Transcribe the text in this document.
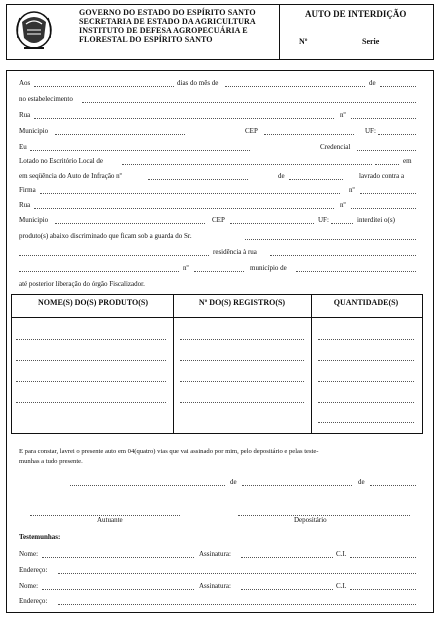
GOVERNO DO ESTADO DO ESPÍRITO SANTO
SECRETARIA DE ESTADO DA AGRICULTURA
INSTITUTO DE DEFESA AGROPECUÁRIA E
FLORESTAL DO ESPÍRITO SANTO
AUTO DE INTERDIÇÃO
Nº	Serie
Aos	dias do mês de	de
no estabelecimento
Rua	nº
Municipio	CEP	UF:
Eu	Credencial
Lotado no Escritório Local de	em
em seqüência do Auto de Infração nº	de	lavrado contra a
Firma	nº
Rua	nº
Municipio	CEP	UF:	interditei o(s)
produto(s) abaixo discriminado que ficam sob a guarda do Sr.
residência à rua
nº	município de
até posterior liberação do órgão Fiscalizador.
NOME(S) DO(S) PRODUTO(S)	Nº DO(S) REGISTRO(S)	QUANTIDADE(S)
E para constar, lavrei o presente auto em 04(quatro) vias que vai assinado por mim, pelo depositário e pelas teste-
munhas a tudo presente.
de	de
Autuante	Depositário
Testemunhas:
Nome:	Assinatura:	C.I.
Endereço:
Nome:	Assinatura:	C.I.
Endereço:
